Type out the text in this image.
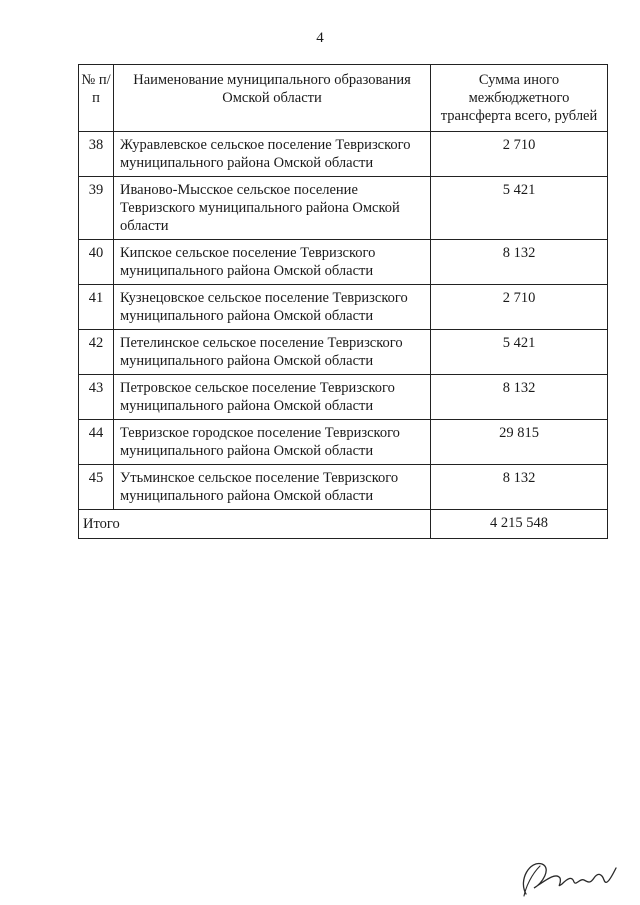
4
№ п/п	Наименование муниципального образования Омской области	Сумма иного межбюджетного трансферта всего, рублей
38	Журавлевское сельское поселение Тевризского муниципального района Омской области	2 710
39	Иваново-Мысское сельское поселение Тевризского муниципального района Омской области	5 421
40	Кипское сельское поселение Тевризского муниципального района Омской области	8 132
41	Кузнецовское сельское поселение Тевризского муниципального района Омской области	2 710
42	Петелинское сельское поселение Тевризского муниципального района Омской области	5 421
43	Петровское сельское поселение Тевризского муниципального района Омской области	8 132
44	Тевризское городское поселение Тевризского муниципального района Омской области	29 815
45	Утьминское сельское поселение Тевризского муниципального района Омской области	8 132
Итого		4 215 548
